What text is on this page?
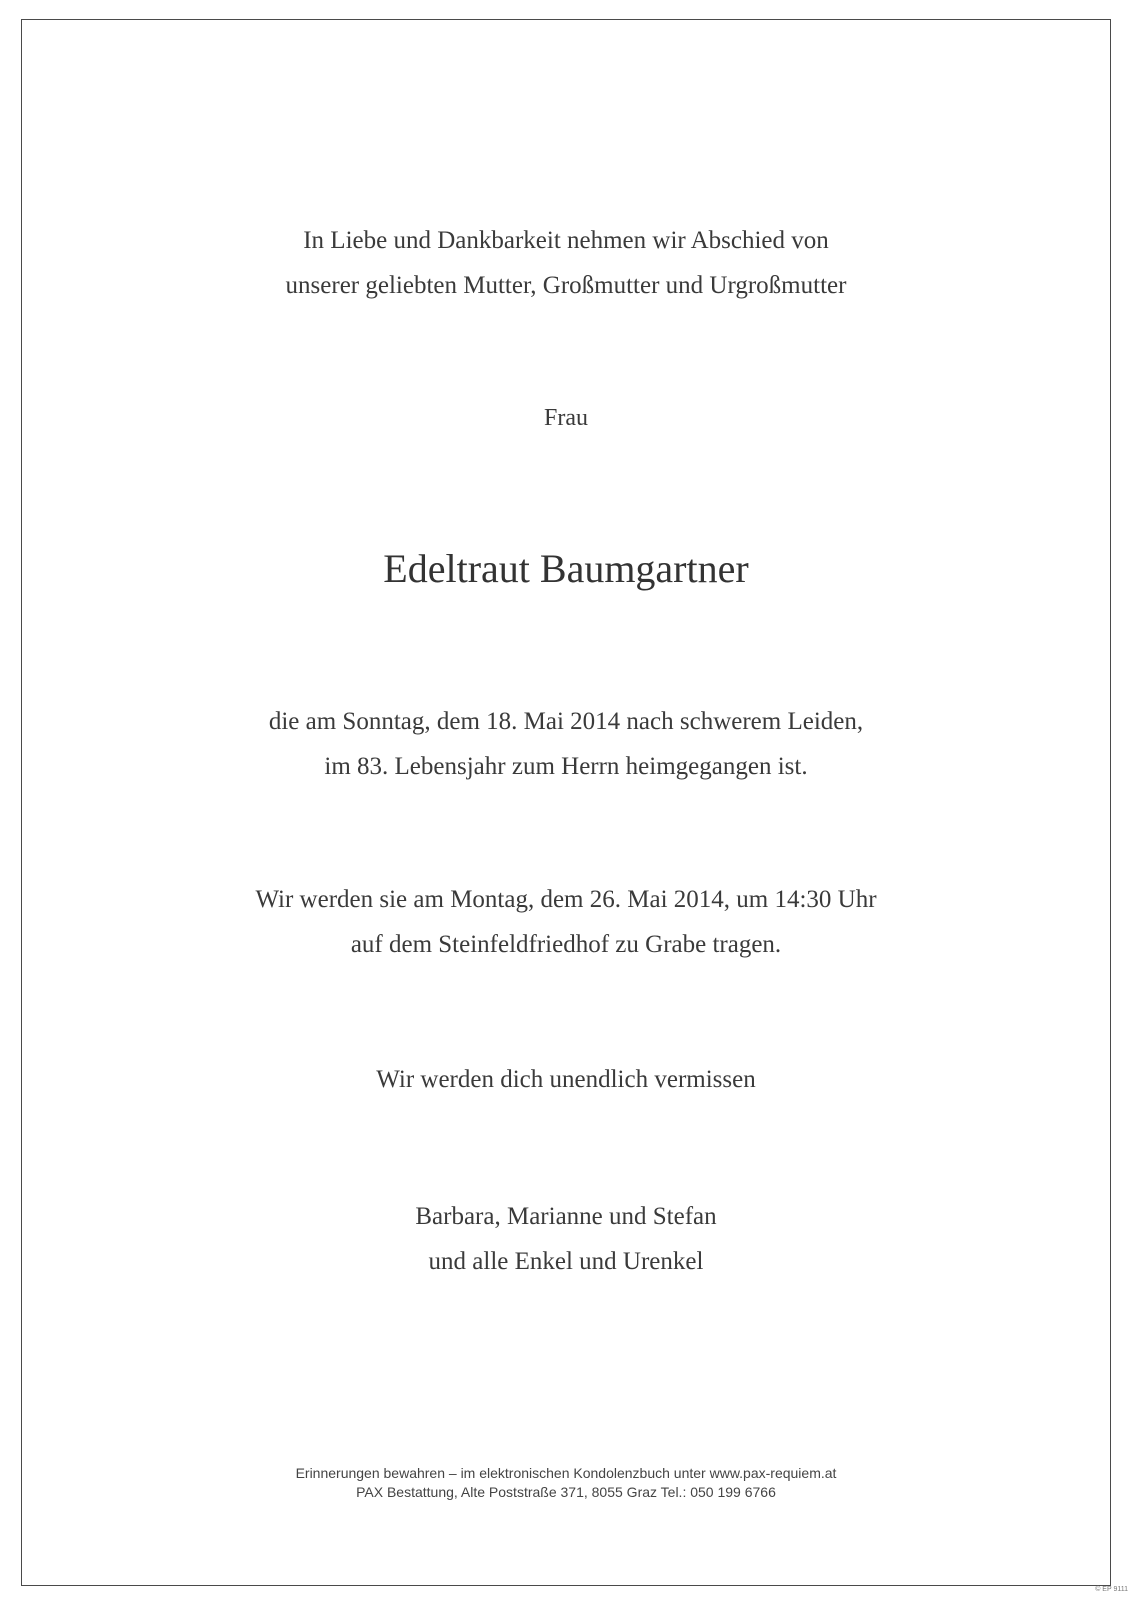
In Liebe und Dankbarkeit nehmen wir Abschied von
unserer geliebten Mutter, Großmutter und Urgroßmutter
Frau
Edeltraut Baumgartner
die am Sonntag, dem 18. Mai 2014 nach schwerem Leiden,
im 83. Lebensjahr zum Herrn heimgegangen ist.
Wir werden sie am Montag, dem 26. Mai 2014, um 14:30 Uhr
auf dem Steinfeldfriedhof zu Grabe tragen.
Wir werden dich unendlich vermissen
Barbara, Marianne und Stefan
und alle Enkel und Urenkel
Erinnerungen bewahren – im elektronischen Kondolenzbuch unter www.pax-requiem.at
PAX Bestattung, Alte Poststraße 371, 8055 Graz Tel.: 050 199 6766
© EP 9111
